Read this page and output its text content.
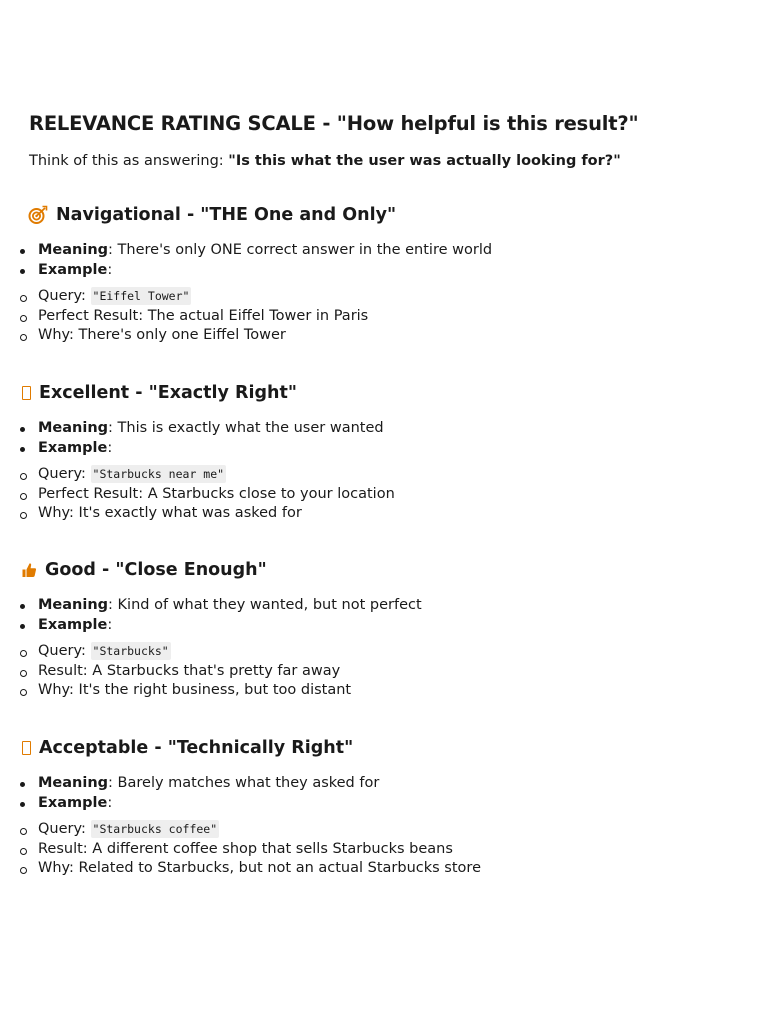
RELEVANCE RATING SCALE - "How helpful is this result?"

Think of this as answering: "Is this what the user was actually looking for?"

Navigational - "THE One and Only"
Meaning: There's only ONE correct answer in the entire world
Example:
Query: "Eiffel Tower"
Perfect Result: The actual Eiffel Tower in Paris
Why: There's only one Eiffel Tower
Excellent - "Exactly Right"
Meaning: This is exactly what the user wanted
Example:
Query: "Starbucks near me"
Perfect Result: A Starbucks close to your location
Why: It's exactly what was asked for
Good - "Close Enough"
Meaning: Kind of what they wanted, but not perfect
Example:
Query: "Starbucks"
Result: A Starbucks that's pretty far away
Why: It's the right business, but too distant
Acceptable - "Technically Right"
Meaning: Barely matches what they asked for
Example:
Query: "Starbucks coffee"
Result: A different coffee shop that sells Starbucks beans
Why: Related to Starbucks, but not an actual Starbucks store
